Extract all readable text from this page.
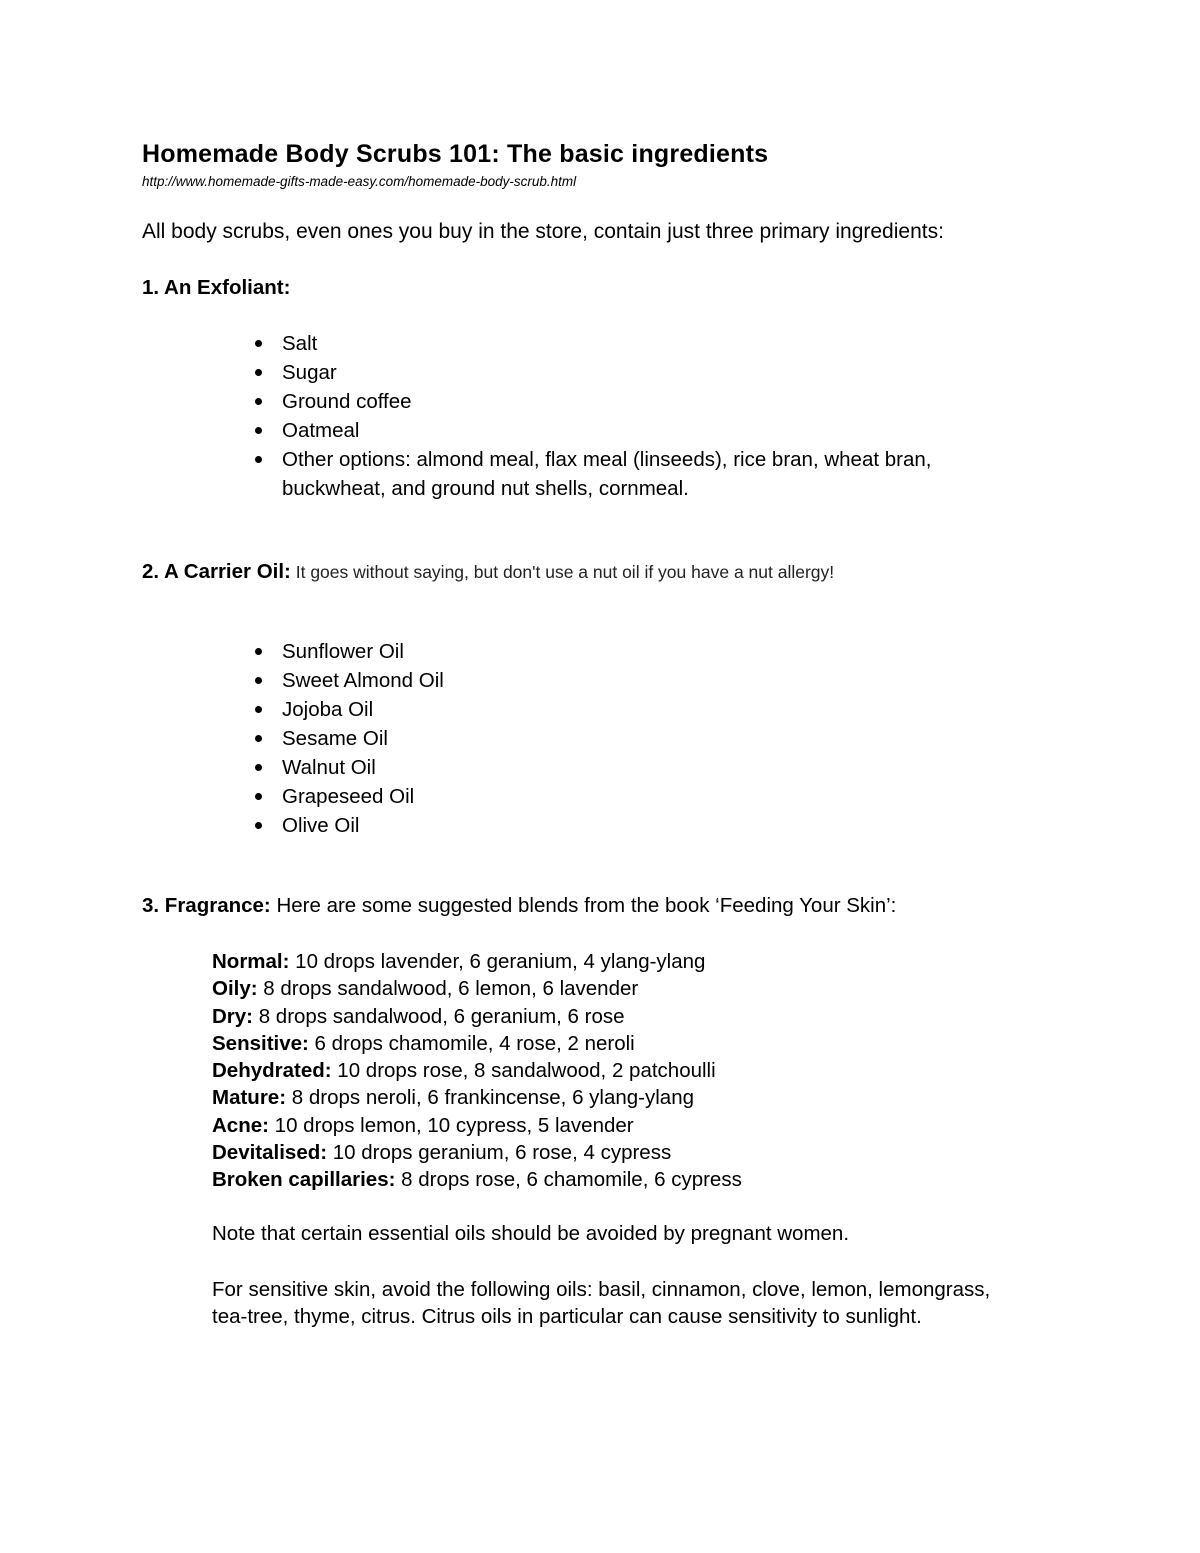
Homemade Body Scrubs 101: The basic ingredients
http://www.homemade-gifts-made-easy.com/homemade-body-scrub.html

All body scrubs, even ones you buy in the store, contain just three primary ingredients:

1. An Exfoliant:
Salt
Sugar
Ground coffee
Oatmeal
Other options: almond meal, flax meal (linseeds), rice bran, wheat bran,
buckwheat, and ground nut shells, cornmeal.
2. A Carrier Oil: It goes without saying, but don't use a nut oil if you have a nut allergy!
Sunflower Oil
Sweet Almond Oil
Jojoba Oil
Sesame Oil
Walnut Oil
Grapeseed Oil
Olive Oil
3. Fragrance: Here are some suggested blends from the book ‘Feeding Your Skin’:
Normal: 10 drops lavender, 6 geranium, 4 ylang-ylang
Oily: 8 drops sandalwood, 6 lemon, 6 lavender
Dry: 8 drops sandalwood, 6 geranium, 6 rose
Sensitive: 6 drops chamomile, 4 rose, 2 neroli
Dehydrated: 10 drops rose, 8 sandalwood, 2 patchoulli
Mature: 8 drops neroli, 6 frankincense, 6 ylang-ylang
Acne: 10 drops lemon, 10 cypress, 5 lavender
Devitalised: 10 drops geranium, 6 rose, 4 cypress
Broken capillaries: 8 drops rose, 6 chamomile, 6 cypress

Note that certain essential oils should be avoided by pregnant women.

For sensitive skin, avoid the following oils: basil, cinnamon, clove, lemon, lemongrass,
tea-tree, thyme, citrus. Citrus oils in particular can cause sensitivity to sunlight.
